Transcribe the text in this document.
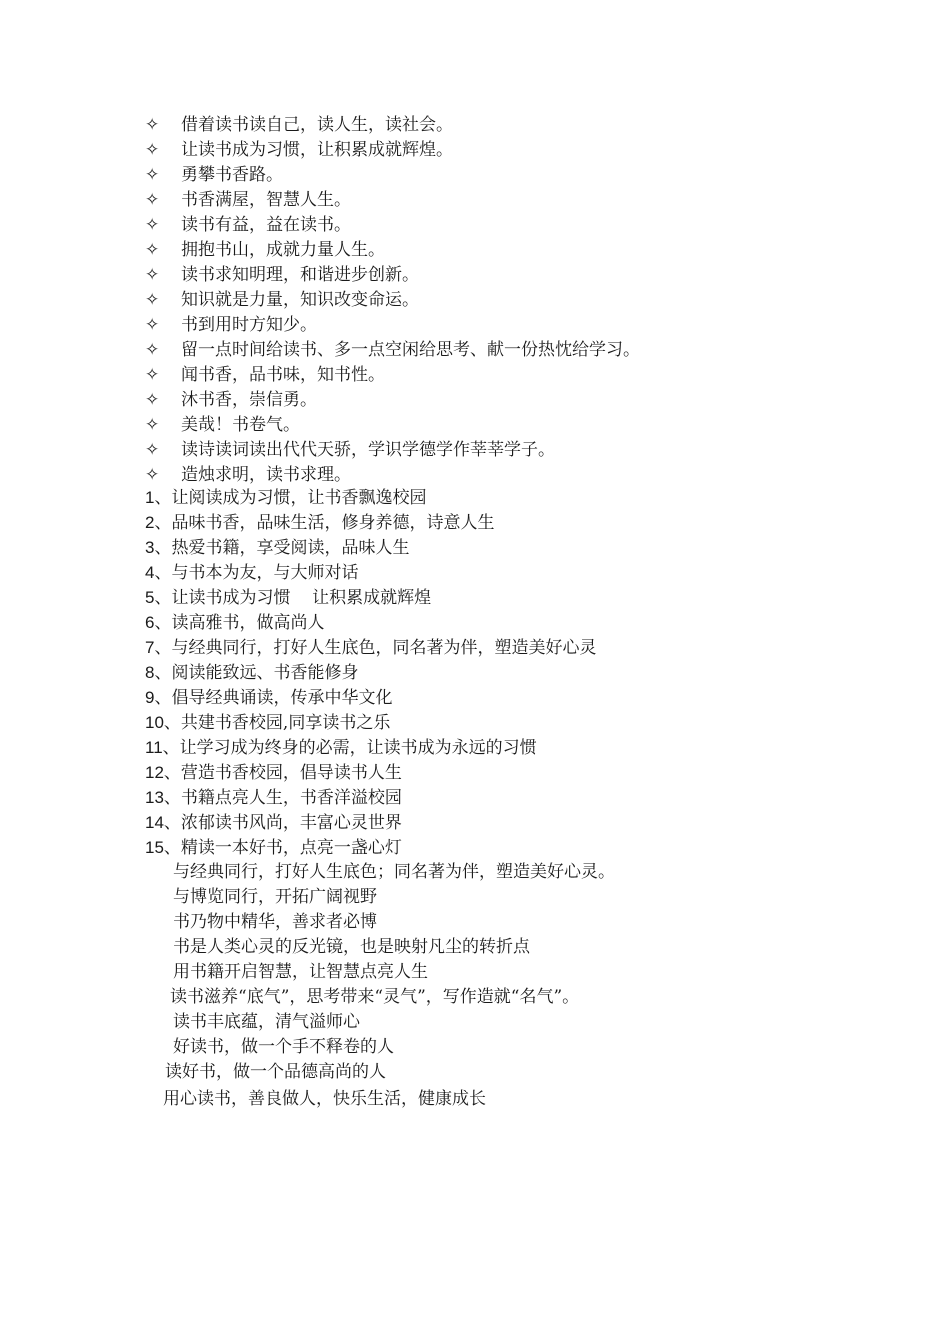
✧ 借着读书读自己，读人生，读社会。
✧ 让读书成为习惯，让积累成就辉煌。
✧ 勇攀书香路。
✧ 书香满屋，智慧人生。
✧ 读书有益，益在读书。
✧ 拥抱书山，成就力量人生。
✧ 读书求知明理，和谐进步创新。
✧ 知识就是力量，知识改变命运。
✧ 书到用时方知少。
✧ 留一点时间给读书、多一点空闲给思考、献一份热忱给学习。
✧ 闻书香，品书味，知书性。
✧ 沐书香，崇信勇。
✧ 美哉！书卷气。
✧ 读诗读词读出代代天骄，学识学德学作莘莘学子。
✧ 造烛求明，读书求理。
1、让阅读成为习惯，让书香飘逸校园
2、品味书香，品味生活，修身养德，诗意人生
3、热爱书籍，享受阅读，品味人生
4、与书本为友，与大师对话
5、让读书成为习惯    让积累成就辉煌
6、读高雅书，做高尚人
7、与经典同行，打好人生底色，同名著为伴，塑造美好心灵
8、阅读能致远、书香能修身
9、倡导经典诵读，传承中华文化
10、共建书香校园,同享读书之乐
11、让学习成为终身的必需，让读书成为永远的习惯
12、营造书香校园，倡导读书人生
13、书籍点亮人生，书香洋溢校园
14、浓郁读书风尚，丰富心灵世界
15、精读一本好书，点亮一盏心灯
与经典同行，打好人生底色；同名著为伴，塑造美好心灵。
与博览同行，开拓广阔视野
书乃物中精华，善求者必博
书是人类心灵的反光镜，也是映射凡尘的转折点
用书籍开启智慧，让智慧点亮人生
读书滋养“底气”，思考带来“灵气”，写作造就“名气”。
读书丰底蕴，清气溢师心
好读书，做一个手不释卷的人
读好书，做一个品德高尚的人
用心读书，善良做人，快乐生活，健康成长
